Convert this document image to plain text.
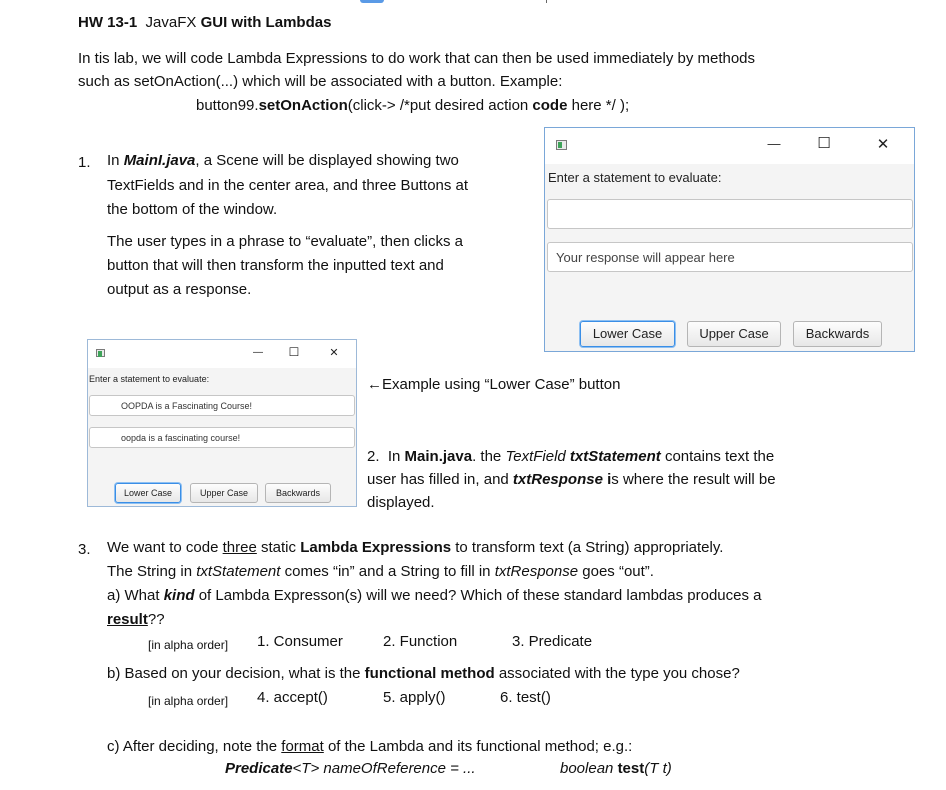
HW 13-1 JavaFX GUI with Lambdas
In tis lab, we will code Lambda Expressions to do work that can then be used immediately by methods
such as setOnAction(...) which will be associated with a button. Example:
button99.setOnAction(click-> /*put desired action code here */ );
1. In MainI.java, a Scene will be displayed showing two
TextFields and in the center area, and three Buttons at
the bottom of the window.
The user types in a phrase to “evaluate”, then clicks a
button that will then transform the inputted text and
output as a response.
—	☐	✕
Enter a statement to evaluate:
Your response will appear here
Lower Case	Upper Case	Backwards
— ☐	✕
Enter a statement to evaluate:
OOPDA is a Fascinating Course!
oopda is a fascinating course!
Lower Case	Upper Case	Backwards
←Example using “Lower Case” button
2. In Main.java. the TextField txtStatement contains text the
user has filled in, and txtResponse is where the result will be
displayed.
3. We want to code three static Lambda Expressions to transform text (a String) appropriately.
The String in txtStatement comes “in” and a String to fill in txtResponse goes “out”.
a) What kind of Lambda Expresson(s) will we need? Which of these standard lambdas produces a
result??
[in alpha order] 1. Consumer	2. Function	3. Predicate
b) Based on your decision, what is the functional method associated with the type you chose?
[in alpha order] 4. accept()	5. apply()	6. test()
c) After deciding, note the format of the Lambda and its functional method; e.g.:
Predicate<T> nameOfReference = ...	boolean test(T t)
